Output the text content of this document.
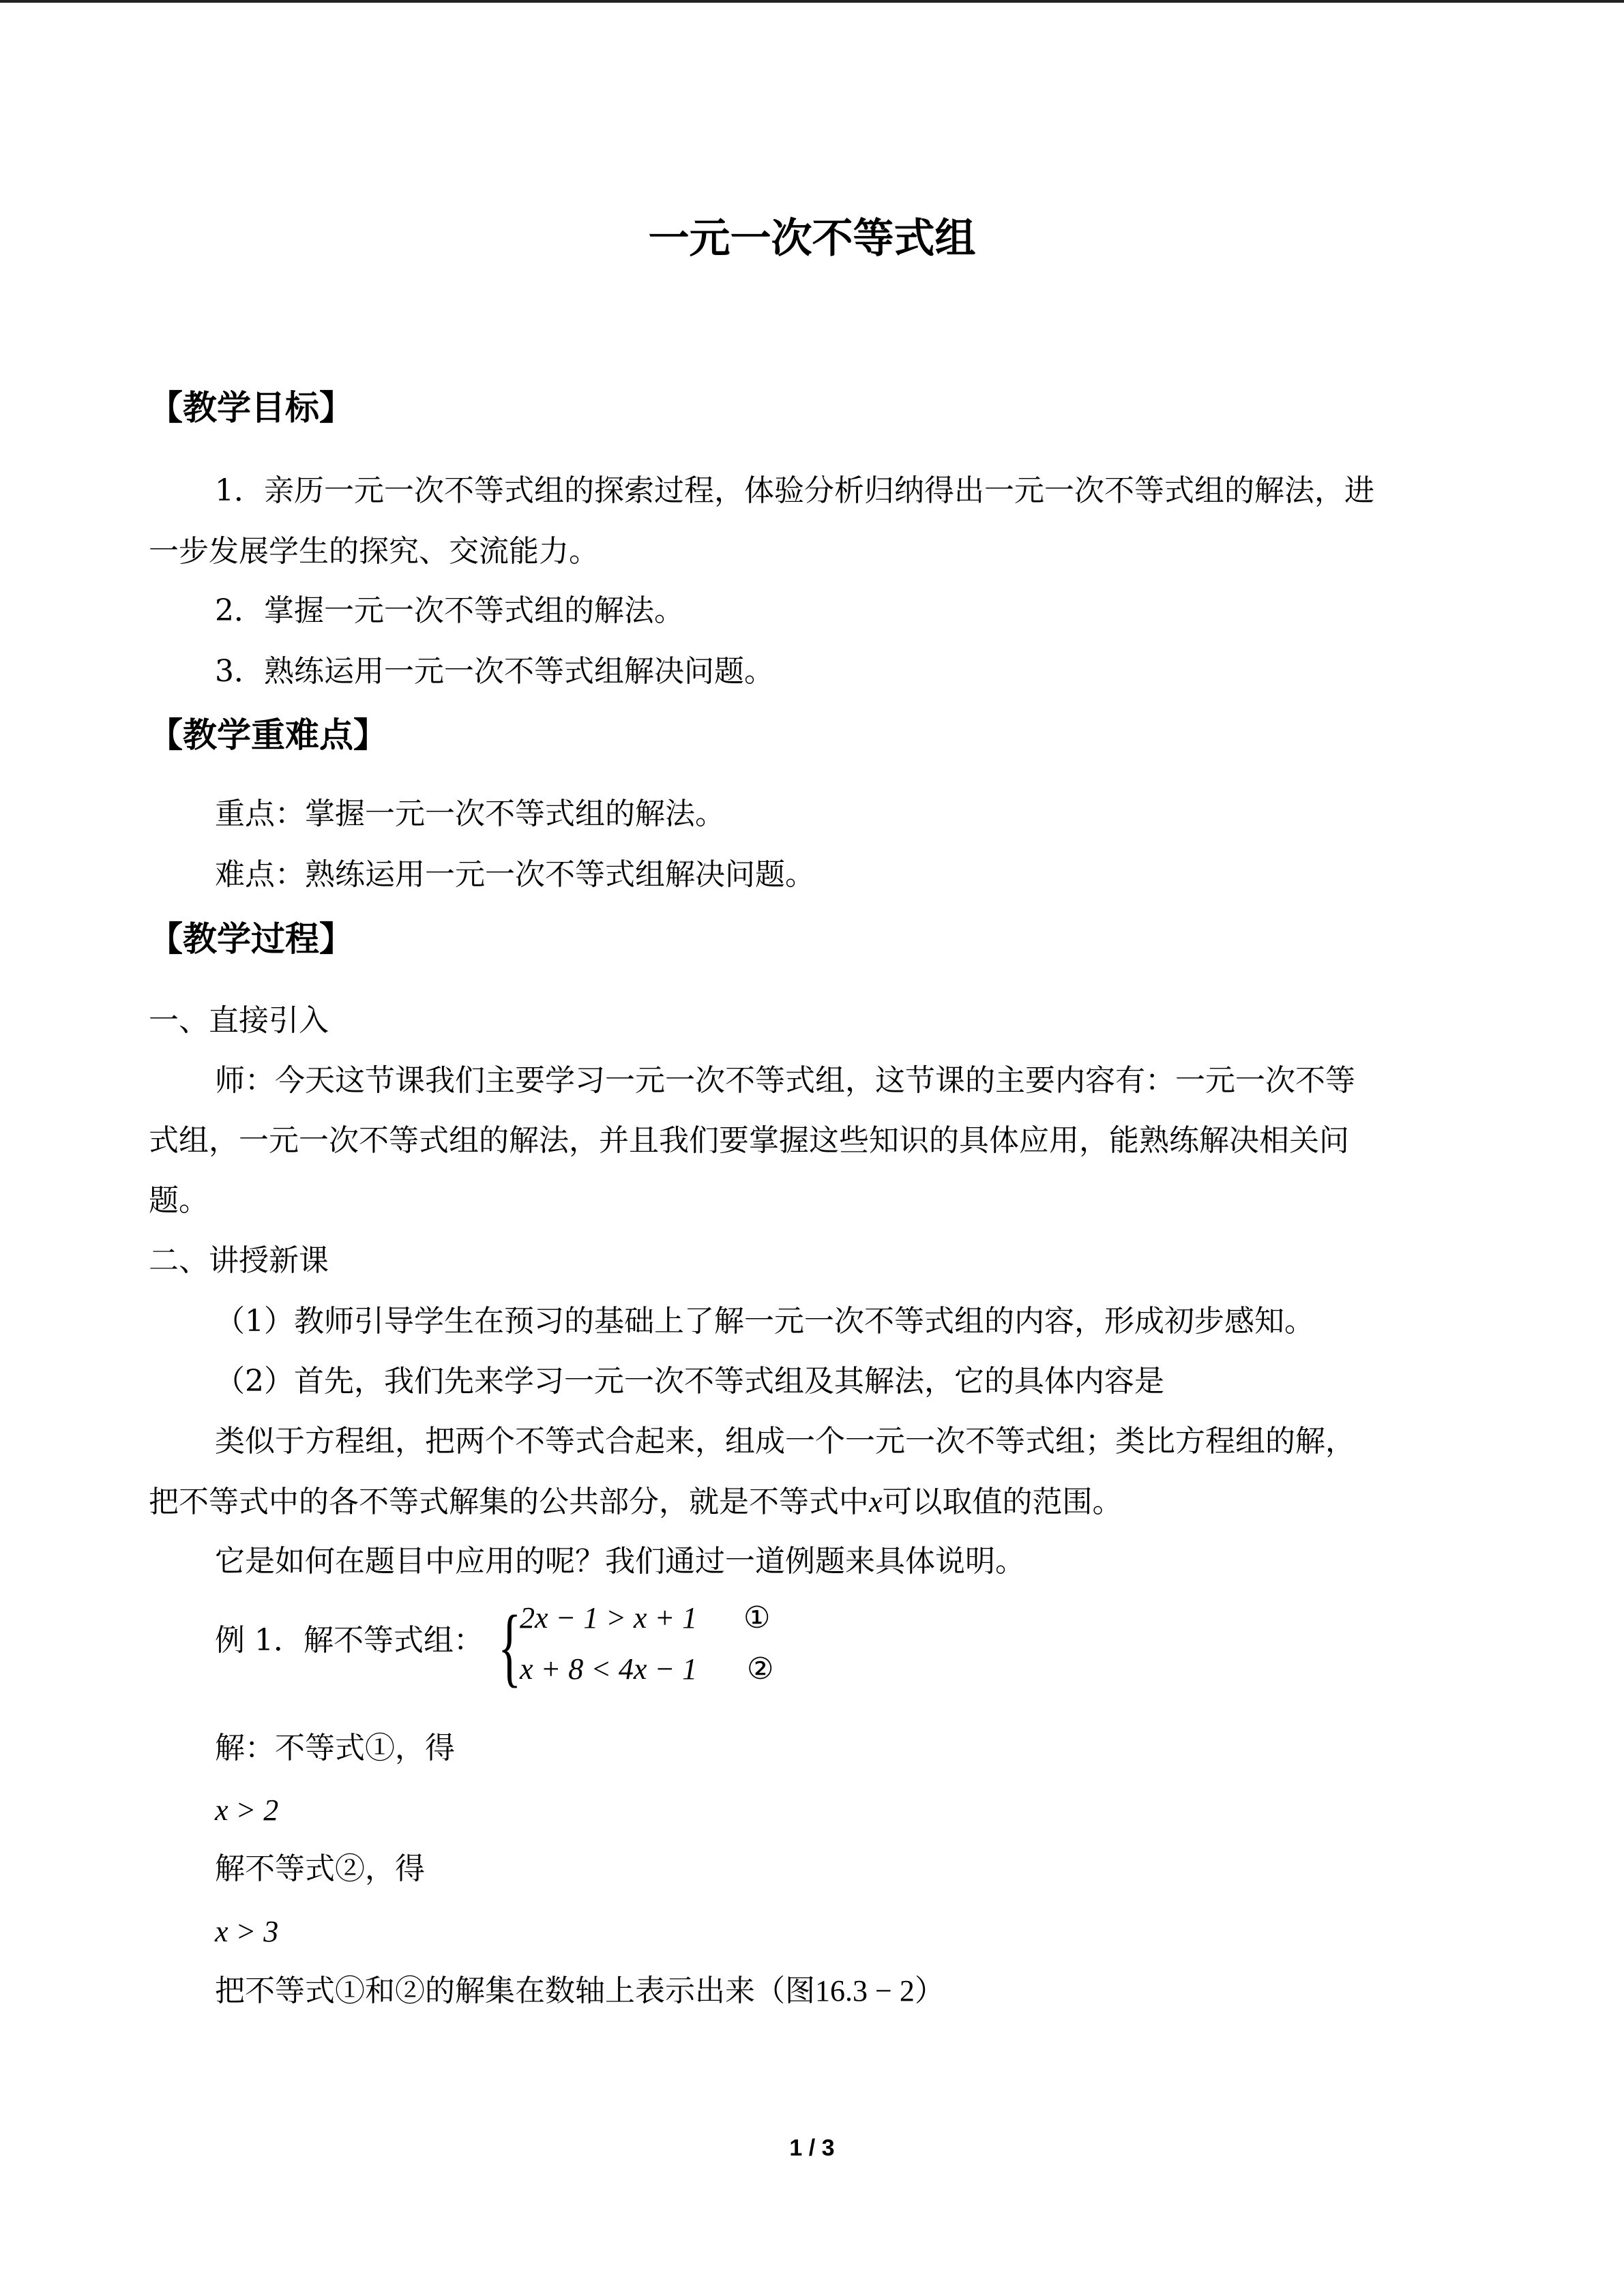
一元一次不等式组
【教学目标】

1．亲历一元一次不等式组的探索过程，体验分析归纳得出一元一次不等式组的解法，进

一步发展学生的探究、交流能力。

2．掌握一元一次不等式组的解法。

3．熟练运用一元一次不等式组解决问题。

【教学重难点】

重点：掌握一元一次不等式组的解法。

难点：熟练运用一元一次不等式组解决问题。

【教学过程】

一、直接引入

师：今天这节课我们主要学习一元一次不等式组，这节课的主要内容有：一元一次不等

式组，一元一次不等式组的解法，并且我们要掌握这些知识的具体应用，能熟练解决相关问

题。

二、讲授新课

（1）教师引导学生在预习的基础上了解一元一次不等式组的内容，形成初步感知。

（2）首先，我们先来学习一元一次不等式组及其解法，它的具体内容是

类似于方程组，把两个不等式合起来，组成一个一元一次不等式组；类比方程组的解，

把不等式中的各不等式解集的公共部分，就是不等式中x可以取值的范围。

它是如何在题目中应用的呢？我们通过一道例题来具体说明。

例 1．解不等式组： {

2x − 1 > x + 1 ①

x + 8 < 4x − 1 ②

解：不等式①，得

x > 2

解不等式②，得

x > 3

把不等式①和②的解集在数轴上表示出来（图16.3 − 2）

1 / 3
